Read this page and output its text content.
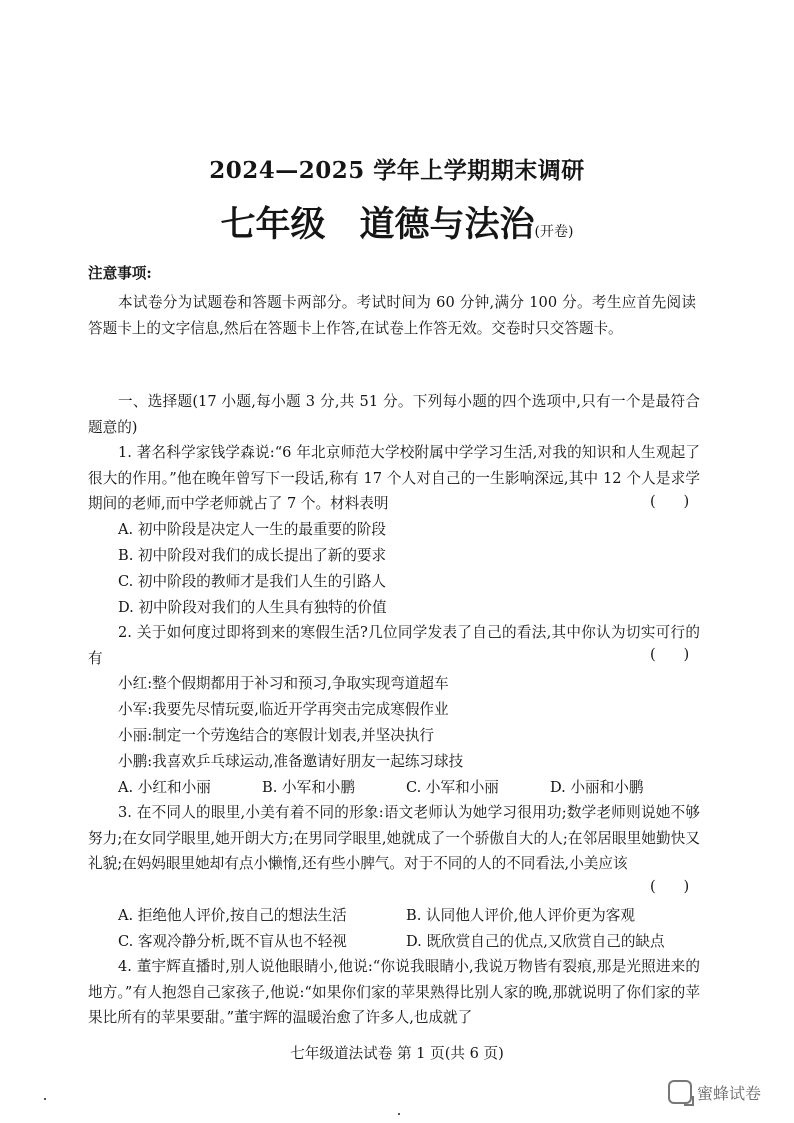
2024—2025 学年上学期期末调研
七年级 道德与法治(开卷)
注意事项:
本试卷分为试题卷和答题卡两部分。考试时间为 60 分钟,满分 100 分。考生应首先阅读答题卡上的文字信息,然后在答题卡上作答,在试卷上作答无效。交卷时只交答题卡。
一、选择题(17 小题,每小题 3 分,共 51 分。下列每小题的四个选项中,只有一个是最符合题意的)
1. 著名科学家钱学森说:“6 年北京师范大学校附属中学学习生活,对我的知识和人生观起了很大的作用。”他在晚年曾写下一段话,称有 17 个人对自己的一生影响深远,其中 12 个人是求学期间的老师,而中学老师就占了 7 个。材料表明	(      )
A. 初中阶段是决定人一生的最重要的阶段
B. 初中阶段对我们的成长提出了新的要求
C. 初中阶段的教师才是我们人生的引路人
D. 初中阶段对我们的人生具有独特的价值
2. 关于如何度过即将到来的寒假生活?几位同学发表了自己的看法,其中你认为切实可行的有	(      )
小红:整个假期都用于补习和预习,争取实现弯道超车
小军:我要先尽情玩耍,临近开学再突击完成寒假作业
小丽:制定一个劳逸结合的寒假计划表,并坚决执行
小鹏:我喜欢乒乓球运动,准备邀请好朋友一起练习球技
A. 小红和小丽	B. 小军和小鹏	C. 小军和小丽	D. 小丽和小鹏
3. 在不同人的眼里,小美有着不同的形象:语文老师认为她学习很用功;数学老师则说她不够努力;在女同学眼里,她开朗大方;在男同学眼里,她就成了一个骄傲自大的人;在邻居眼里她勤快又礼貌;在妈妈眼里她却有点小懒惰,还有些小脾气。对于不同的人的不同看法,小美应该
(      )
A. 拒绝他人评价,按自己的想法生活	B. 认同他人评价,他人评价更为客观
C. 客观冷静分析,既不盲从也不轻视	D. 既欣赏自己的优点,又欣赏自己的缺点
4. 董宇辉直播时,别人说他眼睛小,他说:“你说我眼睛小,我说万物皆有裂痕,那是光照进来的地方。”有人抱怨自己家孩子,他说:“如果你们家的苹果熟得比别人家的晚,那就说明了你们家的苹果比所有的苹果要甜。”董宇辉的温暖治愈了许多人,也成就了
七年级道法试卷 第 1 页(共 6 页)
蜜蜂试卷
